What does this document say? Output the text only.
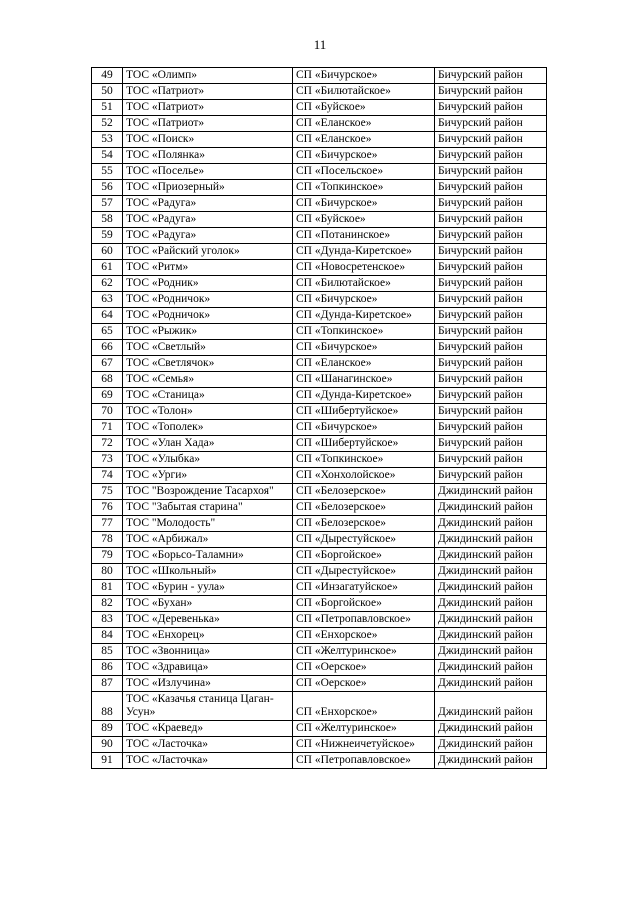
11
49	ТОС «Олимп»	СП «Бичурское»	Бичурский район
50	ТОС «Патриот»	СП «Билютайское»	Бичурский район
51	ТОС «Патриот»	СП «Буйское»	Бичурский район
52	ТОС «Патриот»	СП «Еланское»	Бичурский район
53	ТОС «Поиск»	СП «Еланское»	Бичурский район
54	ТОС «Полянка»	СП «Бичурское»	Бичурский район
55	ТОС «Поселье»	СП «Посельское»	Бичурский район
56	ТОС «Приозерный»	СП «Топкинское»	Бичурский район
57	ТОС «Радуга»	СП «Бичурское»	Бичурский район
58	ТОС «Радуга»	СП «Буйское»	Бичурский район
59	ТОС «Радуга»	СП «Потанинское»	Бичурский район
60	ТОС «Райский уголок»	СП «Дунда-Киретское»	Бичурский район
61	ТОС «Ритм»	СП «Новосретенское»	Бичурский район
62	ТОС «Родник»	СП «Билютайское»	Бичурский район
63	ТОС «Родничок»	СП «Бичурское»	Бичурский район
64	ТОС «Родничок»	СП «Дунда-Киретское»	Бичурский район
65	ТОС «Рыжик»	СП «Топкинское»	Бичурский район
66	ТОС «Светлый»	СП «Бичурское»	Бичурский район
67	ТОС «Светлячок»	СП «Еланское»	Бичурский район
68	ТОС «Семья»	СП «Шанагинское»	Бичурский район
69	ТОС «Станица»	СП «Дунда-Киретское»	Бичурский район
70	ТОС «Толон»	СП «Шибертуйское»	Бичурский район
71	ТОС «Тополек»	СП «Бичурское»	Бичурский район
72	ТОС «Улан Хада»	СП «Шибертуйское»	Бичурский район
73	ТОС «Улыбка»	СП «Топкинское»	Бичурский район
74	ТОС «Урги»	СП «Хонхолойское»	Бичурский район
75	ТОС "Возрождение Тасархоя"	СП «Белозерское»	Джидинский район
76	ТОС "Забытая старина"	СП «Белозерское»	Джидинский район
77	ТОС "Молодость"	СП «Белозерское»	Джидинский район
78	ТОС «Арбижал»	СП «Дырестуйское»	Джидинский район
79	ТОС «Борьсо-Таламни»	СП «Боргойское»	Джидинский район
80	ТОС «Школьный»	СП «Дырестуйское»	Джидинский район
81	ТОС «Бурин - уула»	СП «Инзагатуйское»	Джидинский район
82	ТОС «Бухан»	СП «Боргойское»	Джидинский район
83	ТОС «Деревенька»	СП «Петропавловское»	Джидинский район
84	ТОС «Енхорец»	СП «Енхорское»	Джидинский район
85	ТОС «Звонница»	СП «Желтуринское»	Джидинский район
86	ТОС «Здравица»	СП «Оерское»	Джидинский район
87	ТОС «Излучина»	СП «Оерское»	Джидинский район
88	ТОС «Казачья станица Цаган-Усун»	СП «Енхорское»	Джидинский район
89	ТОС «Краевед»	СП «Желтуринское»	Джидинский район
90	ТОС «Ласточка»	СП «Нижнеичетуйское»	Джидинский район
91	ТОС «Ласточка»	СП «Петропавловское»	Джидинский район
